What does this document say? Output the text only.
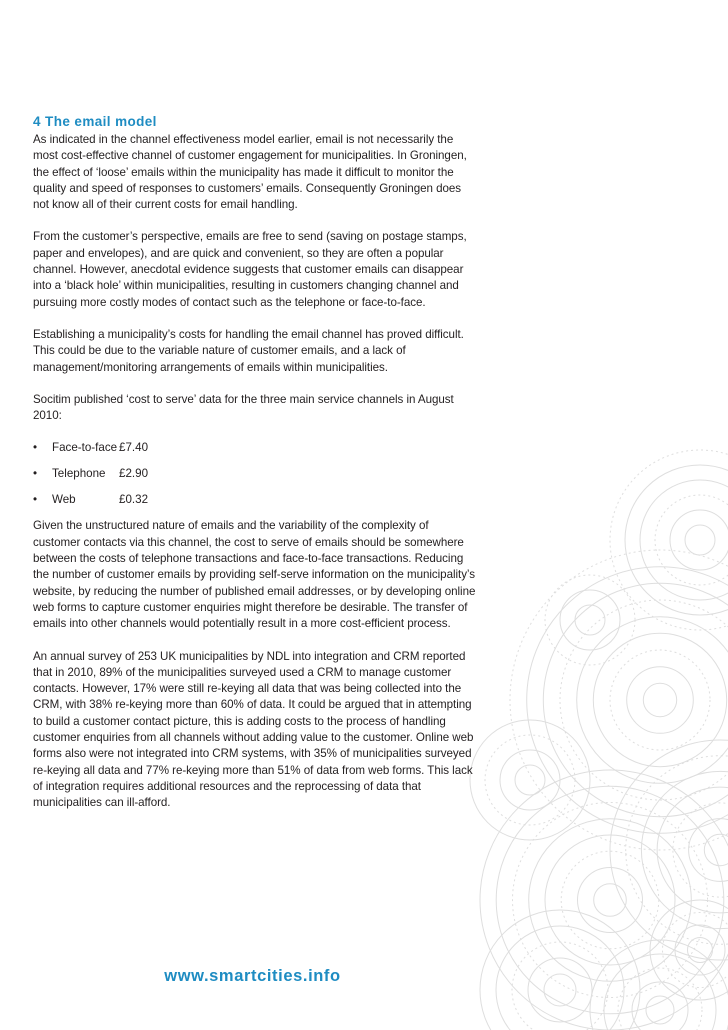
4 The email model

As indicated in the channel effectiveness model earlier, email is not necessarily the most cost-effective channel of customer engagement for municipalities. In Groningen, the effect of ‘loose’ emails within the municipality has made it difficult to monitor the quality and speed of responses to customers’ emails. Consequently Groningen does not know all of their current costs for email handling.

From the customer’s perspective, emails are free to send (saving on postage stamps, paper and envelopes), and are quick and convenient, so they are often a popular channel. However, anecdotal evidence suggests that customer emails can disappear into a ‘black hole’ within municipalities, resulting in customers changing channel and pursuing more costly modes of contact such as the telephone or face-to-face.

Establishing a municipality’s costs for handling the email channel has proved difficult. This could be due to the variable nature of customer emails, and a lack of management/monitoring arrangements of emails within municipalities.

Socitim published ‘cost to serve’ data for the three main service channels in August 2010:

•	Face-to-face £7.40
•	Telephone	£2.90
•	Web	£0.32

Given the unstructured nature of emails and the variability of the complexity of customer contacts via this channel, the cost to serve of emails should be somewhere between the costs of telephone transactions and face-to-face transactions. Reducing the number of customer emails by providing self-serve information on the municipality’s website, by reducing the number of published email addresses, or by developing online web forms to capture customer enquiries might therefore be desirable. The transfer of emails into other channels would potentially result in a more cost-efficient process.

An annual survey of 253 UK municipalities by NDL into integration and CRM reported that in 2010, 89% of the municipalities surveyed used a CRM to manage customer contacts. However, 17% were still re-keying all data that was being collected into the CRM, with 38% re-keying more than 60% of data. It could be argued that in attempting to build a customer contact picture, this is adding costs to the process of handling customer enquiries from all channels without adding value to the customer. Online web forms also were not integrated into CRM systems, with 35% of municipalities surveyed re-keying all data and 77% re-keying more than 51% of data from web forms. This lack of integration requires additional resources and the reprocessing of data that municipalities can ill-afford.

www.smartcities.info
